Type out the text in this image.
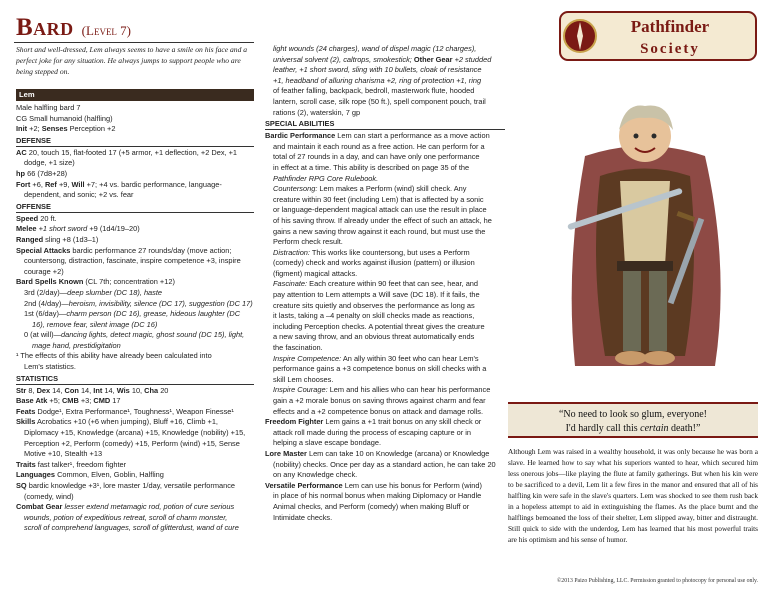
Bard (Level 7)

Short and well-dressed, Lem always seems to have a smile on his face and a perfect joke for any situation. He always jumps to support people who are being stepped on.

Lem
Male halfling bard 7
CG Small humanoid (halfling)
Init +2; Senses Perception +2
DEFENSE
AC 20, touch 15, flat-footed 17 (+5 armor, +1 deflection, +2 Dex, +1
dodge, +1 size)
hp 66 (7d8+28)
Fort +6, Ref +9, Will +7; +4 vs. bardic performance, language-
dependent, and sonic; +2 vs. fear
OFFENSE
Speed 20 ft.
Melee +1 short sword +9 (1d4/19–20)
Ranged sling +8 (1d3–1)
Special Attacks bardic performance 27 rounds/day (move action;
countersong, distraction, fascinate, inspire competence +3, inspire
courage +2)
Bard Spells Known (CL 7th; concentration +12)
3rd (2/day)—deep slumber (DC 18), haste
2nd (4/day)—heroism, invisibility, silence (DC 17), suggestion (DC 17)
1st (6/day)—charm person (DC 16), grease, hideous laughter (DC
16), remove fear, silent image (DC 16)
0 (at will)—dancing lights, detect magic, ghost sound (DC 15), light,
mage hand, prestidigitation
¹ The effects of this ability have already been calculated into
Lem's statistics.
STATISTICS
Str 8, Dex 14, Con 14, Int 14, Wis 10, Cha 20
Base Atk +5; CMB +3; CMD 17
Feats Dodge¹, Extra Performance¹, Toughness¹, Weapon Finesse¹
Skills Acrobatics +10 (+6 when jumping), Bluff +16, Climb +1,
Diplomacy +15, Knowledge (arcana) +15, Knowledge (nobility) +15,
Perception +2, Perform (comedy) +15, Perform (wind) +15, Sense
Motive +10, Stealth +13
Traits fast talker¹, freedom fighter
Languages Common, Elven, Goblin, Halfling
SQ bardic knowledge +3¹, lore master 1/day, versatile performance
(comedy, wind)
Combat Gear lesser extend metamagic rod, potion of cure serious
wounds, potion of expeditious retreat, scroll of charm monster,
scroll of comprehend languages, scroll of glitterdust, wand of cure
light wounds (24 charges), wand of dispel magic (12 charges),
universal solvent (2), caltrops, smokestick; Other Gear +2 studded
leather, +1 short sword, sling with 10 bullets, cloak of resistance
+1, headband of alluring charisma +2, ring of protection +1, ring
of feather falling, backpack, bedroll, masterwork flute, hooded
lantern, scroll case, silk rope (50 ft.), spell component pouch, trail
rations (2), waterskin, 7 gp
SPECIAL ABILITIES
Bardic Performance Lem can start a performance as a move action
and maintain it each round as a free action. He can perform for a
total of 27 rounds in a day, and can have only one performance
in effect at a time. This ability is described on page 35 of the
Pathfinder RPG Core Rulebook.
Countersong: Lem makes a Perform (wind) skill check. Any
creature within 30 feet (including Lem) that is affected by a sonic
or language-dependent magical attack can use the result in place
of his saving throw. If already under the effect of such an attack, he
gains a new saving throw against it each round, but must use the
Perform check result.
Distraction: This works like countersong, but uses a Perform
(comedy) check and works against illusion (pattern) or illusion
(figment) magical attacks.
Fascinate: Each creature within 90 feet that can see, hear, and
pay attention to Lem attempts a Will save (DC 18). If it fails, the
creature sits quietly and observes the performance as long as
it lasts, taking a –4 penalty on skill checks made as reactions,
including Perception checks. A potential threat gives the creature
a new saving throw, and an obvious threat automatically ends
the fascination.
Inspire Competence: An ally within 30 feet who can hear Lem's
performance gains a +3 competence bonus on skill checks with a
skill Lem chooses.
Inspire Courage: Lem and his allies who can hear his performance
gain a +2 morale bonus on saving throws against charm and fear
effects and a +2 competence bonus on attack and damage rolls.
Freedom Fighter Lem gains a +1 trait bonus on any skill check or
attack roll made during the process of escaping capture or in
helping a slave escape bondage.
Lore Master Lem can take 10 on Knowledge (arcana) or Knowledge
(nobility) checks. Once per day as a standard action, he can take 20
on any Knowledge check.
Versatile Performance Lem can use his bonus for Perform (wind)
in place of his normal bonus when making Diplomacy or Handle
Animal checks, and Perform (comedy) when making Bluff or
Intimidate checks.
Pathfinder
Society
“No need to look so glum, everyone!
I'd hardly call this certain death!”

Although Lem was raised in a wealthy household, it was only because he was born a slave. He learned how to say what his superiors wanted to hear, which secured him less onerous jobs—like playing the flute at family gatherings. But when his kin were to be sacrificed to a devil, Lem lit a few fires in the manor and ensured that all of his halfling kin were safe in the slave's quarters. Lem was shocked to see them rush back in a hopeless attempt to aid in extinguishing the flames. As the place burnt and the halflings bemoaned the loss of their shelter, Lem slipped away, bitter and distraught. Still quick to side with the underdog, Lem has learned that his most powerful traits are his optimism and his sense of humor.

©2013 Paizo Publishing, LLC. Permission granted to photocopy for personal use only.
